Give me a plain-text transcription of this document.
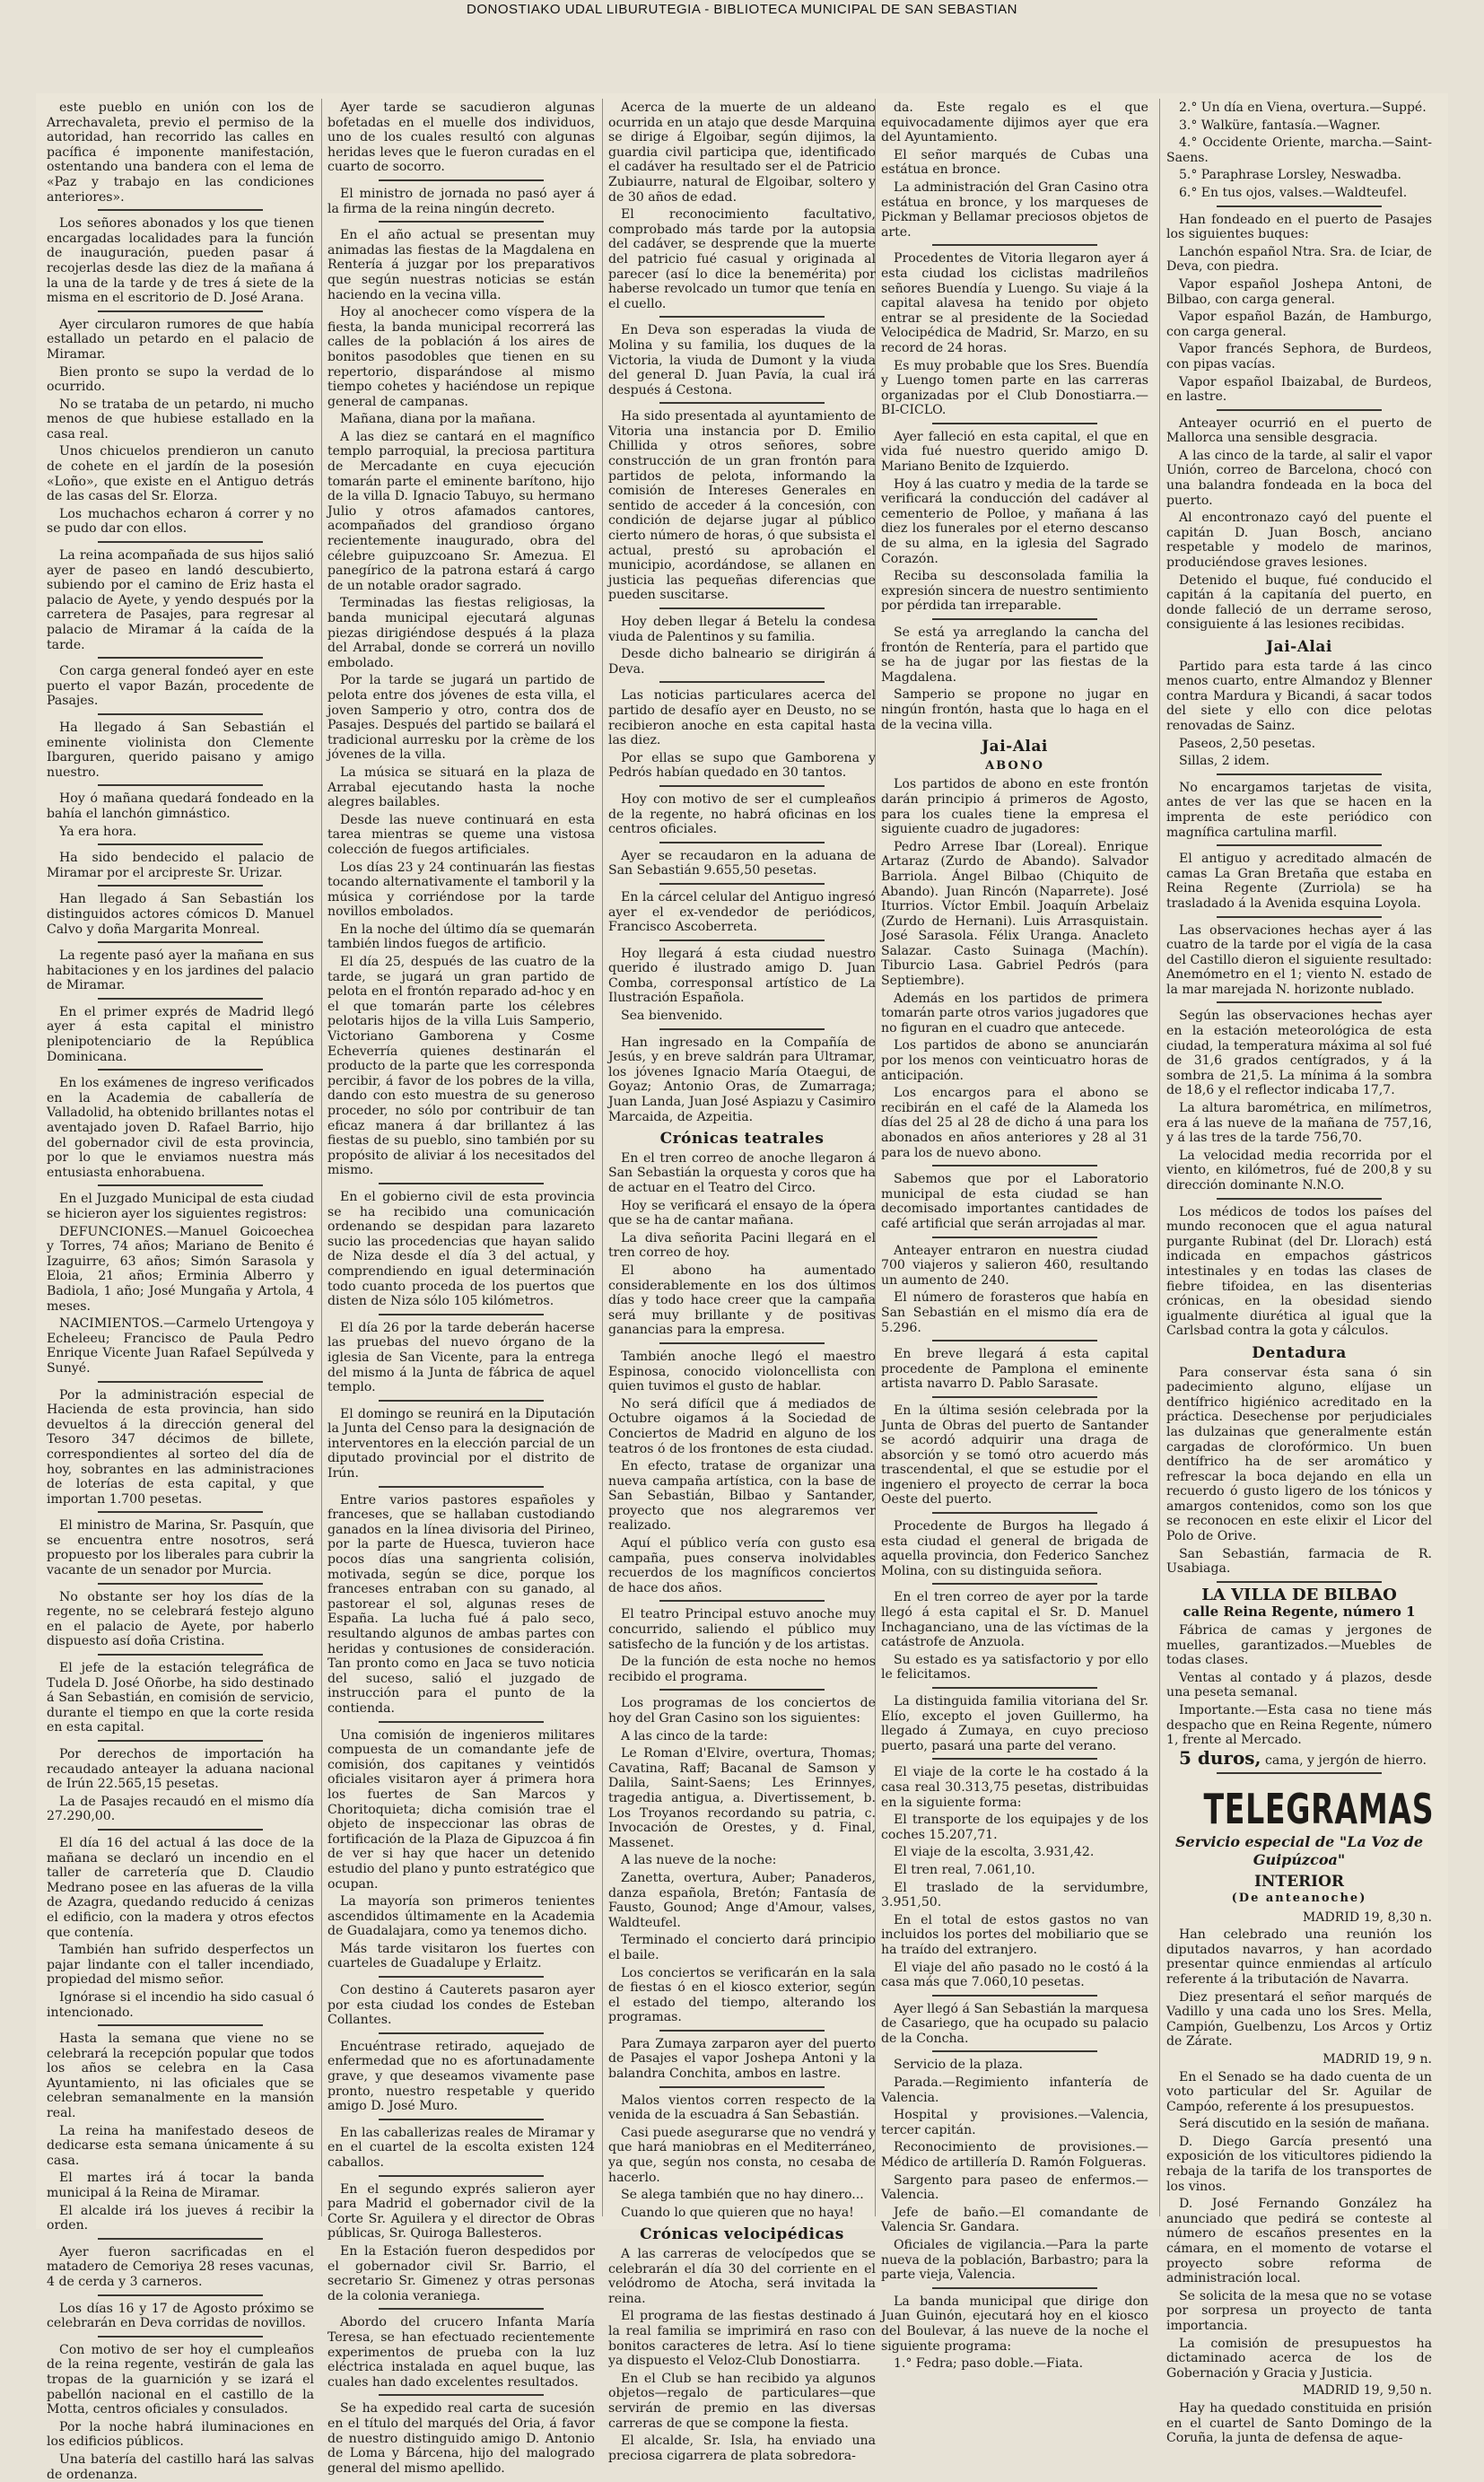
DONOSTIAKO UDAL LIBURUTEGIA - BIBLIOTECA MUNICIPAL DE SAN SEBASTIAN

este pueblo en unión con los de Arrechavaleta, previo el permiso de la autoridad, han recorrido las calles en pacífica é imponente manifestación, ostentando una bandera con el lema de «Paz y trabajo en las condiciones anteriores».

Los señores abonados y los que tienen encargadas localidades para la función de inauguración, pueden pasar á recojerlas desde las diez de la mañana á la una de la tarde y de tres á siete de la misma en el escritorio de D. José Arana.

Ayer circularon rumores de que había estallado un petardo en el palacio de Miramar.

Bien pronto se supo la verdad de lo ocurrido.

No se trataba de un petardo, ni mucho menos de que hubiese estallado en la casa real.

Unos chicuelos prendieron un canuto de cohete en el jardín de la posesión «Loño», que existe en el Antiguo detrás de las casas del Sr. Elorza.

Los muchachos echaron á correr y no se pudo dar con ellos.

La reina acompañada de sus hijos salió ayer de paseo en landó descubierto, subiendo por el camino de Eriz hasta el palacio de Ayete, y yendo después por la carretera de Pasajes, para regresar al palacio de Miramar á la caída de la tarde.

Con carga general fondeó ayer en este puerto el vapor Bazán, procedente de Pasajes.

Ha llegado á San Sebastián el eminente violinista don Clemente Ibarguren, querido paisano y amigo nuestro.

Hoy ó mañana quedará fondeado en la bahía el lanchón gimnástico.

Ya era hora.

Ha sido bendecido el palacio de Miramar por el arcipreste Sr. Urizar.

Han llegado á San Sebastián los distinguidos actores cómicos D. Manuel Calvo y doña Margarita Monreal.

La regente pasó ayer la mañana en sus habitaciones y en los jardines del palacio de Miramar.

En el primer exprés de Madrid llegó ayer á esta capital el ministro plenipotenciario de la República Dominicana.

En los exámenes de ingreso verificados en la Academia de caballería de Valladolid, ha obtenido brillantes notas el aventajado joven D. Rafael Barrio, hijo del gobernador civil de esta provincia, por lo que le enviamos nuestra más entusiasta enhorabuena.

En el Juzgado Municipal de esta ciudad se hicieron ayer los siguientes registros:

DEFUNCIONES.—Manuel Goicoechea y Torres, 74 años; Mariano de Benito é Izaguirre, 63 años; Simón Sarasola y Eloia, 21 años; Erminia Alberro y Badiola, 1 año; José Mungaña y Artola, 4 meses.

NACIMIENTOS.—Carmelo Urtengoya y Echeleeu; Francisco de Paula Pedro Enrique Vicente Juan Rafael Sepúlveda y Sunyé.

Por la administración especial de Hacienda de esta provincia, han sido devueltos á la dirección general del Tesoro 347 décimos de billete, correspondientes al sorteo del día de hoy, sobrantes en las administraciones de loterías de esta capital, y que importan 1.700 pesetas.

El ministro de Marina, Sr. Pasquín, que se encuentra entre nosotros, será propuesto por los liberales para cubrir la vacante de un senador por Murcia.

No obstante ser hoy los días de la regente, no se celebrará festejo alguno en el palacio de Ayete, por haberlo dispuesto así doña Cristina.

El jefe de la estación telegráfica de Tudela D. José Oñorbe, ha sido destinado á San Sebastián, en comisión de servicio, durante el tiempo en que la corte resida en esta capital.

Por derechos de importación ha recaudado anteayer la aduana nacional de Irún 22.565,15 pesetas.

La de Pasajes recaudó en el mismo día 27.290,00.

El día 16 del actual á las doce de la mañana se declaró un incendio en el taller de carretería que D. Claudio Medrano posee en las afueras de la villa de Azagra, quedando reducido á cenizas el edificio, con la madera y otros efectos que contenía.

También han sufrido desperfectos un pajar lindante con el taller incendiado, propiedad del mismo señor.

Ignórase si el incendio ha sido casual ó intencionado.

Hasta la semana que viene no se celebrará la recepción popular que todos los años se celebra en la Casa Ayuntamiento, ni las oficiales que se celebran semanalmente en la mansión real.

La reina ha manifestado deseos de dedicarse esta semana únicamente á su casa.

El martes irá á tocar la banda municipal á la Reina de Miramar.

El alcalde irá los jueves á recibir la orden.

Ayer fueron sacrificadas en el matadero de Cemoriya 28 reses vacunas, 4 de cerda y 3 carneros.

Los días 16 y 17 de Agosto próximo se celebrarán en Deva corridas de novillos.

Con motivo de ser hoy el cumpleaños de la reina regente, vestirán de gala las tropas de la guarnición y se izará el pabellón nacional en el castillo de la Motta, centros oficiales y consulados.

Por la noche habrá iluminaciones en los edificios públicos.

Una batería del castillo hará las salvas de ordenanza.

Ayer tarde se sacudieron algunas bofetadas en el muelle dos individuos, uno de los cuales resultó con algunas heridas leves que le fueron curadas en el cuarto de socorro.

El ministro de jornada no pasó ayer á la firma de la reina ningún decreto.

En el año actual se presentan muy animadas las fiestas de la Magdalena en Rentería á juzgar por los preparativos que según nuestras noticias se están haciendo en la vecina villa.

Hoy al anochecer como víspera de la fiesta, la banda municipal recorrerá las calles de la población á los aires de bonitos pasodobles que tienen en su repertorio, disparándose al mismo tiempo cohetes y haciéndose un repique general de campanas.

Mañana, diana por la mañana.

A las diez se cantará en el magnífico templo parroquial, la preciosa partitura de Mercadante en cuya ejecución tomarán parte el eminente barítono, hijo de la villa D. Ignacio Tabuyo, su hermano Julio y otros afamados cantores, acompañados del grandioso órgano recientemente inaugurado, obra del célebre guipuzcoano Sr. Amezua. El panegírico de la patrona estará á cargo de un notable orador sagrado.

Terminadas las fiestas religiosas, la banda municipal ejecutará algunas piezas dirigiéndose después á la plaza del Arrabal, donde se correrá un novillo embolado.

Por la tarde se jugará un partido de pelota entre dos jóvenes de esta villa, el joven Samperio y otro, contra dos de Pasajes. Después del partido se bailará el tradicional aurresku por la crème de los jóvenes de la villa.

La música se situará en la plaza de Arrabal ejecutando hasta la noche alegres bailables.

Desde las nueve continuará en esta tarea mientras se queme una vistosa colección de fuegos artificiales.

Los días 23 y 24 continuarán las fiestas tocando alternativamente el tamboril y la música y corriéndose por la tarde novillos embolados.

En la noche del último día se quemarán también lindos fuegos de artificio.

El día 25, después de las cuatro de la tarde, se jugará un gran partido de pelota en el frontón reparado ad-hoc y en el que tomarán parte los célebres pelotaris hijos de la villa Luis Samperio, Victoriano Gamborena y Cosme Echeverría quienes destinarán el producto de la parte que les corresponda percibir, á favor de los pobres de la villa, dando con esto muestra de su generoso proceder, no sólo por contribuir de tan eficaz manera á dar brillantez á las fiestas de su pueblo, sino también por su propósito de aliviar á los necesitados del mismo.

En el gobierno civil de esta provincia se ha recibido una comunicación ordenando se despidan para lazareto sucio las procedencias que hayan salido de Niza desde el día 3 del actual, y comprendiendo en igual determinación todo cuanto proceda de los puertos que disten de Niza sólo 105 kilómetros.

El día 26 por la tarde deberán hacerse las pruebas del nuevo órgano de la iglesia de San Vicente, para la entrega del mismo á la Junta de fábrica de aquel templo.

El domingo se reunirá en la Diputación la Junta del Censo para la designación de interventores en la elección parcial de un diputado provincial por el distrito de Irún.

Entre varios pastores españoles y franceses, que se hallaban custodiando ganados en la línea divisoria del Pirineo, por la parte de Huesca, tuvieron hace pocos días una sangrienta colisión, motivada, según se dice, porque los franceses entraban con su ganado, al pastorear el sol, algunas reses de España. La lucha fué á palo seco, resultando algunos de ambas partes con heridas y contusiones de consideración. Tan pronto como en Jaca se tuvo noticia del suceso, salió el juzgado de instrucción para el punto de la contienda.

Una comisión de ingenieros militares compuesta de un comandante jefe de comisión, dos capitanes y veintidós oficiales visitaron ayer á primera hora los fuertes de San Marcos y Choritoquieta; dicha comisión trae el objeto de inspeccionar las obras de fortificación de la Plaza de Gipuzcoa á fin de ver si hay que hacer un detenido estudio del plano y punto estratégico que ocupan.

La mayoría son primeros tenientes ascendidos últimamente en la Academia de Guadalajara, como ya tenemos dicho.

Más tarde visitaron los fuertes con cuarteles de Guadalupe y Erlaitz.

Con destino á Cauterets pasaron ayer por esta ciudad los condes de Esteban Collantes.

Encuéntrase retirado, aquejado de enfermedad que no es afortunadamente grave, y que deseamos vivamente pase pronto, nuestro respetable y querido amigo D. José Muro.

En las caballerizas reales de Miramar y en el cuartel de la escolta existen 124 caballos.

En el segundo exprés salieron ayer para Madrid el gobernador civil de la Corte Sr. Aguilera y el director de Obras públicas, Sr. Quiroga Ballesteros.

En la Estación fueron despedidos por el gobernador civil Sr. Barrio, el secretario Sr. Gimenez y otras personas de la colonia veraniega.

Abordo del crucero Infanta María Teresa, se han efectuado recientemente experimentos de prueba con la luz eléctrica instalada en aquel buque, las cuales han dado excelentes resultados.

Se ha expedido real carta de sucesión en el título del marqués del Oria, á favor de nuestro distinguido amigo D. Antonio de Loma y Bárcena, hijo del malogrado general del mismo apellido.

Acerca de la muerte de un aldeano ocurrida en un atajo que desde Marquina se dirige á Elgoibar, según dijimos, la guardia civil participa que, identificado el cadáver ha resultado ser el de Patricio Zubiaurre, natural de Elgoibar, soltero y de 30 años de edad.

El reconocimiento facultativo, comprobado más tarde por la autopsia del cadáver, se desprende que la muerte del patricio fué casual y originada al parecer (así lo dice la benemérita) por haberse revolcado un tumor que tenía en el cuello.

En Deva son esperadas la viuda de Molina y su familia, los duques de la Victoria, la viuda de Dumont y la viuda del general D. Juan Pavía, la cual irá después á Cestona.

Ha sido presentada al ayuntamiento de Vitoria una instancia por D. Emilio Chillida y otros señores, sobre construcción de un gran frontón para partidos de pelota, informando la comisión de Intereses Generales en sentido de acceder á la concesión, con condición de dejarse jugar al público cierto número de horas, ó que subsista el actual, prestó su aprobación el municipio, acordándose, se allanen en justicia las pequeñas diferencias que pueden suscitarse.

Hoy deben llegar á Betelu la condesa viuda de Palentinos y su familia.

Desde dicho balneario se dirigirán á Deva.

Las noticias particulares acerca del partido de desafío ayer en Deusto, no se recibieron anoche en esta capital hasta las diez.

Por ellas se supo que Gamborena y Pedrós habían quedado en 30 tantos.

Hoy con motivo de ser el cumpleaños de la regente, no habrá oficinas en los centros oficiales.

Ayer se recaudaron en la aduana de San Sebastián 9.655,50 pesetas.

En la cárcel celular del Antiguo ingresó ayer el ex-vendedor de periódicos, Francisco Ascoberreta.

Hoy llegará á esta ciudad nuestro querido é ilustrado amigo D. Juan Comba, corresponsal artístico de La Ilustración Española.

Sea bienvenido.

Han ingresado en la Compañía de Jesús, y en breve saldrán para Ultramar, los jóvenes Ignacio María Otaegui, de Goyaz; Antonio Oras, de Zumarraga; Juan Landa, Juan José Aspiazu y Casimiro Marcaida, de Azpeitia.

Crónicas teatrales

En el tren correo de anoche llegaron á San Sebastián la orquesta y coros que ha de actuar en el Teatro del Circo.

Hoy se verificará el ensayo de la ópera que se ha de cantar mañana.

La diva señorita Pacini llegará en el tren correo de hoy.

El abono ha aumentado considerablemente en los dos últimos días y todo hace creer que la campaña será muy brillante y de positivas ganancias para la empresa.

También anoche llegó el maestro Espinosa, conocido violoncellista con quien tuvimos el gusto de hablar.

No será difícil que á mediados de Octubre oigamos á la Sociedad de Conciertos de Madrid en alguno de los teatros ó de los frontones de esta ciudad.

En efecto, tratase de organizar una nueva campaña artística, con la base de San Sebastián, Bilbao y Santander, proyecto que nos alegraremos ver realizado.

Aquí el público vería con gusto esa campaña, pues conserva inolvidables recuerdos de los magníficos conciertos de hace dos años.

El teatro Principal estuvo anoche muy concurrido, saliendo el público muy satisfecho de la función y de los artistas.

De la función de esta noche no hemos recibido el programa.

Los programas de los conciertos de hoy del Gran Casino son los siguientes:

A las cinco de la tarde:

Le Roman d'Elvire, overtura, Thomas; Cavatina, Raff; Bacanal de Samson y Dalila, Saint-Saens; Les Erinnyes, tragedia antigua, a. Divertissement, b. Los Troyanos recordando su patria, c. Invocación de Orestes, y d. Final, Massenet.

A las nueve de la noche:

Zanetta, overtura, Auber; Panaderos, danza española, Bretón; Fantasía de Fausto, Gounod; Ange d'Amour, valses, Waldteufel.

Terminado el concierto dará principio el baile.

Los conciertos se verificarán en la sala de fiestas ó en el kiosco exterior, según el estado del tiempo, alterando los programas.

Para Zumaya zarparon ayer del puerto de Pasajes el vapor Joshepa Antoni y la balandra Conchita, ambos en lastre.

Malos vientos corren respecto de la venida de la escuadra á San Sebastián.

Casi puede asegurarse que no vendrá y que hará maniobras en el Mediterráneo, ya que, según nos consta, no cesaba de hacerlo.

Se alega también que no hay dinero...

Cuando lo que quieren que no haya!

Crónicas velocipédicas

A las carreras de velocípedos que se celebrarán el día 30 del corriente en el velódromo de Atocha, será invitada la reina.

El programa de las fiestas destinado á la real familia se imprimirá en raso con bonitos caracteres de letra. Así lo tiene ya dispuesto el Veloz-Club Donostiarra.

En el Club se han recibido ya algunos objetos—regalo de particulares—que servirán de premio en las diversas carreras de que se compone la fiesta.

El alcalde, Sr. Isla, ha enviado una preciosa cigarrera de plata sobredora-

da. Este regalo es el que equivocadamente dijimos ayer que era del Ayuntamiento.

El señor marqués de Cubas una estátua en bronce.

La administración del Gran Casino otra estátua en bronce, y los marqueses de Pickman y Bellamar preciosos objetos de arte.

Procedentes de Vitoria llegaron ayer á esta ciudad los ciclistas madrileños señores Buendía y Luengo. Su viaje á la capital alavesa ha tenido por objeto entrar se al presidente de la Sociedad Velocipédica de Madrid, Sr. Marzo, en su record de 24 horas.

Es muy probable que los Sres. Buendía y Luengo tomen parte en las carreras organizadas por el Club Donostiarra.—BI-CICLO.

Ayer falleció en esta capital, el que en vida fué nuestro querido amigo D. Mariano Benito de Izquierdo.

Hoy á las cuatro y media de la tarde se verificará la conducción del cadáver al cementerio de Polloe, y mañana á las diez los funerales por el eterno descanso de su alma, en la iglesia del Sagrado Corazón.

Reciba su desconsolada familia la expresión sincera de nuestro sentimiento por pérdida tan irreparable.

Se está ya arreglando la cancha del frontón de Rentería, para el partido que se ha de jugar por las fiestas de la Magdalena.

Samperio se propone no jugar en ningún frontón, hasta que lo haga en el de la vecina villa.

Jai-Alai
ABONO

Los partidos de abono en este frontón darán principio á primeros de Agosto, para los cuales tiene la empresa el siguiente cuadro de jugadores:

Pedro Arrese Ibar (Loreal). Enrique Artaraz (Zurdo de Abando). Salvador Barriola. Ángel Bilbao (Chiquito de Abando). Juan Rincón (Naparrete). José Iturrios. Víctor Embil. Joaquín Arbelaiz (Zurdo de Hernani). Luis Arrasquistain. José Sarasola. Félix Uranga. Anacleto Salazar. Casto Suinaga (Machín). Tiburcio Lasa. Gabriel Pedrós (para Septiembre).

Además en los partidos de primera tomarán parte otros varios jugadores que no figuran en el cuadro que antecede.

Los partidos de abono se anunciarán por los menos con veinticuatro horas de anticipación.

Los encargos para el abono se recibirán en el café de la Alameda los días del 25 al 28 de dicho á una para los abonados en años anteriores y 28 al 31 para los de nuevo abono.

Sabemos que por el Laboratorio municipal de esta ciudad se han decomisado importantes cantidades de café artificial que serán arrojadas al mar.

Anteayer entraron en nuestra ciudad 700 viajeros y salieron 460, resultando un aumento de 240.

El número de forasteros que había en San Sebastián en el mismo día era de 5.296.

En breve llegará á esta capital procedente de Pamplona el eminente artista navarro D. Pablo Sarasate.

En la última sesión celebrada por la Junta de Obras del puerto de Santander se acordó adquirir una draga de absorción y se tomó otro acuerdo más trascendental, el que se estudie por el ingeniero el proyecto de cerrar la boca Oeste del puerto.

Procedente de Burgos ha llegado á esta ciudad el general de brigada de aquella provincia, don Federico Sanchez Molina, con su distinguida señora.

En el tren correo de ayer por la tarde llegó á esta capital el Sr. D. Manuel Inchaganciano, una de las víctimas de la catástrofe de Anzuola.

Su estado es ya satisfactorio y por ello le felicitamos.

La distinguida familia vitoriana del Sr. Elío, excepto el joven Guillermo, ha llegado á Zumaya, en cuyo precioso puerto, pasará una parte del verano.

El viaje de la corte le ha costado á la casa real 30.313,75 pesetas, distribuidas en la siguiente forma:

El transporte de los equipajes y de los coches 15.207,71.

El viaje de la escolta, 3.931,42.

El tren real, 7.061,10.

El traslado de la servidumbre, 3.951,50.

En el total de estos gastos no van incluidos los portes del mobiliario que se ha traído del extranjero.

El viaje del año pasado no le costó á la casa más que 7.060,10 pesetas.

Ayer llegó á San Sebastián la marquesa de Casariego, que ha ocupado su palacio de la Concha.

Servicio de la plaza.

Parada.—Regimiento infantería de Valencia.

Hospital y provisiones.—Valencia, tercer capitán.

Reconocimiento de provisiones.—Médico de artillería D. Ramón Folgueras.

Sargento para paseo de enfermos.—Valencia.

Jefe de baño.—El comandante de Valencia Sr. Gandara.

Oficiales de vigilancia.—Para la parte nueva de la población, Barbastro; para la parte vieja, Valencia.

La banda municipal que dirige don Juan Guinón, ejecutará hoy en el kiosco del Boulevar, á las nueve de la noche el siguiente programa:

1.° Fedra; paso doble.—Fiata.

2.° Un día en Viena, overtura.—Suppé.

3.° Walküre, fantasía.—Wagner.

4.° Occidente Oriente, marcha.—Saint-Saens.

5.° Paraphrase Lorsley, Neswadba.

6.° En tus ojos, valses.—Waldteufel.

Han fondeado en el puerto de Pasajes los siguientes buques:

Lanchón español Ntra. Sra. de Iciar, de Deva, con piedra.

Vapor español Joshepa Antoni, de Bilbao, con carga general.

Vapor español Bazán, de Hamburgo, con carga general.

Vapor francés Sephora, de Burdeos, con pipas vacías.

Vapor español Ibaizabal, de Burdeos, en lastre.

Anteayer ocurrió en el puerto de Mallorca una sensible desgracia.

A las cinco de la tarde, al salir el vapor Unión, correo de Barcelona, chocó con una balandra fondeada en la boca del puerto.

Al encontronazo cayó del puente el capitán D. Juan Bosch, anciano respetable y modelo de marinos, produciéndose graves lesiones.

Detenido el buque, fué conducido el capitán á la capitanía del puerto, en donde falleció de un derrame seroso, consiguiente á las lesiones recibidas.

Jai-Alai

Partido para esta tarde á las cinco menos cuarto, entre Almandoz y Blenner contra Mardura y Bicandi, á sacar todos del siete y ello con dice pelotas renovadas de Sainz.

Paseos, 2,50 pesetas.

Sillas, 2 idem.

No encargamos tarjetas de visita, antes de ver las que se hacen en la imprenta de este periódico con magnífica cartulina marfil.

El antiguo y acreditado almacén de camas La Gran Bretaña que estaba en Reina Regente (Zurriola) se ha trasladado á la Avenida esquina Loyola.

Las observaciones hechas ayer á las cuatro de la tarde por el vigía de la casa del Castillo dieron el siguiente resultado: Anemómetro en el 1; viento N. estado de la mar marejada N. horizonte nublado.

Según las observaciones hechas ayer en la estación meteorológica de esta ciudad, la temperatura máxima al sol fué de 31,6 grados centígrados, y á la sombra de 21,5. La mínima á la sombra de 18,6 y el reflector indicaba 17,7.

La altura barométrica, en milímetros, era á las nueve de la mañana de 757,16, y á las tres de la tarde 756,70.

La velocidad media recorrida por el viento, en kilómetros, fué de 200,8 y su dirección dominante N.N.O.

Los médicos de todos los países del mundo reconocen que el agua natural purgante Rubinat (del Dr. Llorach) está indicada en empachos gástricos intestinales y en todas las clases de fiebre tifoidea, en las disenterias crónicas, en la obesidad siendo igualmente diurética al igual que la Carlsbad contra la gota y cálculos.

Dentadura

Para conservar ésta sana ó sin padecimiento alguno, elíjase un dentífrico higiénico acreditado en la práctica. Desechense por perjudiciales las dulzainas que generalmente están cargadas de clorofórmico. Un buen dentífrico ha de ser aromático y refrescar la boca dejando en ella un recuerdo ó gusto ligero de los tónicos y amargos contenidos, como son los que se reconocen en este elixir el Licor del Polo de Orive.

San Sebastián, farmacia de R. Usabiaga.

LA VILLA DE BILBAO
calle Reina Regente, número 1

Fábrica de camas y jergones de muelles, garantizados.—Muebles de todas clases.

Ventas al contado y á plazos, desde una peseta semanal.

Importante.—Esta casa no tiene más despacho que en Reina Regente, número 1, frente al Mercado.

5 duros, cama, y jergón de hierro.

TELEGRAMAS
Servicio especial de "La Voz de Guipúzcoa"
INTERIOR
(De anteanoche)

MADRID 19, 8,30 n.

Han celebrado una reunión los diputados navarros, y han acordado presentar quince enmiendas al artículo referente á la tributación de Navarra.

Diez presentará el señor marqués de Vadillo y una cada uno los Sres. Mella, Campión, Guelbenzu, Los Arcos y Ortiz de Zárate.

MADRID 19, 9 n.

En el Senado se ha dado cuenta de un voto particular del Sr. Aguilar de Campóo, referente á los presupuestos.

Será discutido en la sesión de mañana.

D. Diego García presentó una exposición de los viticultores pidiendo la rebaja de la tarifa de los transportes de los vinos.

D. José Fernando González ha anunciado que pedirá se conteste al número de escaños presentes en la cámara, en el momento de votarse el proyecto sobre reforma de administración local.

Se solicita de la mesa que no se votase por sorpresa un proyecto de tanta importancia.

La comisión de presupuestos ha dictaminado acerca de los de Gobernación y Gracia y Justicia.

MADRID 19, 9,50 n.

Hay ha quedado constituida en prisión en el cuartel de Santo Domingo de la Coruña, la junta de defensa de aque-
